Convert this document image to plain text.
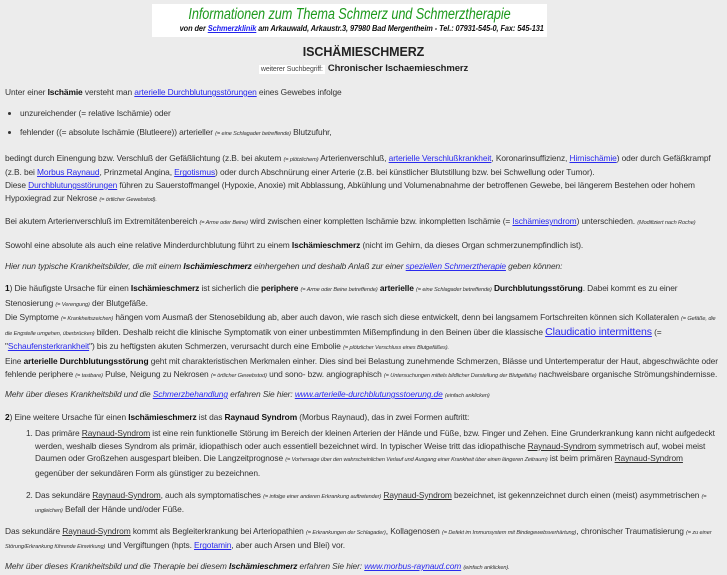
Informationen zum Thema Schmerz und Schmerztherapie
von der Schmerzklinik am Arkauwald, Arkaustr.3, 97980 Bad Mergentheim - Tel.: 07931-545-0, Fax: 545-131
ISCHÄMIESCHMERZ
weiterer Suchbegriff: Chronischer Ischaemieschmerz

Unter einer Ischämie versteht man arterielle Durchblutungsstörungen eines Gewebes infolge

• unzureichender (= relative Ischämie) oder
• fehlender ((= absolute Ischämie (Blutleere)) arterieller (= eine Schlagader betreffende) Blutzufuhr,

bedingt durch Einengung bzw. Verschluß der Gefäßlichtung (z.B. bei akutem (= plötzlichem) Arterienverschluß, arterielle Verschlußkrankheit, Koronarinsuffizienz, Hirnischämie) oder durch Gefäßkrampf (z.B. bei Morbus Raynaud, Prinzmetal Angina, Ergotismus) oder durch Abschnürung einer Arterie (z.B. bei künstlicher Blutstillung bzw. bei Schwellung oder Tumor).

Diese Durchblutungsstörungen führen zu Sauerstoffmangel (Hypoxie, Anoxie) mit Abblassung, Abkühlung und Volumenabnahme der betroffenen Gewebe, bei längerem Bestehen oder hohem Hypoxiegrad zur Nekrose (= örtlicher Gewebstod).

Bei akutem Arterienverschluß im Extremitätenbereich (= Arme oder Beine) wird zwischen einer kompletten Ischämie bzw. inkompletten Ischämie (= Ischämiesyndrom) unterschieden. (Modifiziert nach Roche)

Sowohl eine absolute als auch eine relative Minderdurchblutung führt zu einem Ischämieschmerz (nicht im Gehirn, da dieses Organ schmerzunempfindlich ist).

Hier nun typische Krankheitsbilder, die mit einem Ischämieschmerz einhergehen und deshalb Anlaß zur einer speziellen Schmerztherapie geben können:

1) Die häufigste Ursache für einen Ischämieschmerz ist sicherlich die periphere (= Arme oder Beine betreffende) arterielle (= eine Schlagader betreffende) Durchblutungsstörung. Dabei kommt es zu einer Stenosierung (= Verengung) der Blutgefäße.

Die Symptome (= Krankheitszeichen) hängen vom Ausmaß der Stenosebildung ab, aber auch davon, wie rasch sich diese entwickelt, denn bei langsamem Fortschreiten können sich Kollateralen (= Gefäße, die die Engstelle umgehen, überbrücken) bilden. Deshalb reicht die klinische Symptomatik von einer unbestimmten Mißempfindung in den Beinen über die klassische Claudicatio intermittens (= "Schaufensterkrankheit") bis zu heftigsten akuten Schmerzen, verursacht durch eine Embolie (= plötzlicher Verschluss eines Blutgefäßes).

Eine arterielle Durchblutungsstörung geht mit charakteristischen Merkmalen einher. Dies sind bei Belastung zunehmende Schmerzen, Blässe und Untertemperatur der Haut, abgeschwächte oder fehlende periphere (= tastbare) Pulse, Neigung zu Nekrosen (= örtlicher Gewebstod) und sono- bzw. angiographisch (= Untersuchungen mittels bildlicher Darstellung der Blutgefäße) nachweisbare organische Strömungshindernisse.

Mehr über dieses Krankheitsbild und die Schmerzbehandlung erfahren Sie hier: www.arterielle-durchblutungsstoerung.de (einfach anklicken)

2) Eine weitere Ursache für einen Ischämieschmerz ist das Raynaud Syndrom (Morbus Raynaud), das in zwei Formen auftritt:

1. Das primäre Raynaud-Syndrom ist eine rein funktionelle Störung im Bereich der kleinen Arterien der Hände und Füße, bzw. Finger und Zehen. Eine Grunderkrankung kann nicht aufgedeckt werden, weshalb dieses Syndrom als primär, idiopathisch oder auch essentiell bezeichnet wird. In typischer Weise tritt das idiopathische Raynaud-Syndrom symmetrisch auf, wobei meist Daumen oder Großzehen ausgespart bleiben. Die Langzeitprognose (= Vorhersage über den wahrscheinlichen Verlauf und Ausgang einer Krankheit über einen längeren Zeitraum) ist beim primären Raynaud-Syndrom gegenüber der sekundären Form als günstiger zu bezeichnen.
2. Das sekundäre Raynaud-Syndrom, auch als symptomatisches (= infolge einer anderen Erkrankung auftretender) Raynaud-Syndrom bezeichnet, ist gekennzeichnet durch einen (meist) asymmetrischen (= ungleichen) Befall der Hände und/oder Füße.

Das sekundäre Raynaud-Syndrom kommt als Begleiterkrankung bei Arteriopathien (= Erkrankungen der Schlagader), Kollagenosen (= Defekt im Immunsystem mit Bindegewebsverhärtung), chronischer Traumatisierung (= zu einer Störung/Erkrankung führende Einwirkung) und Vergiftungen (hpts. Ergotamin, aber auch Arsen und Blei) vor.

Mehr über dieses Krankheitsbild und die Therapie bei diesem Ischämieschmerz erfahren Sie hier: www.morbus-raynaud.com (einfach anklicken).
